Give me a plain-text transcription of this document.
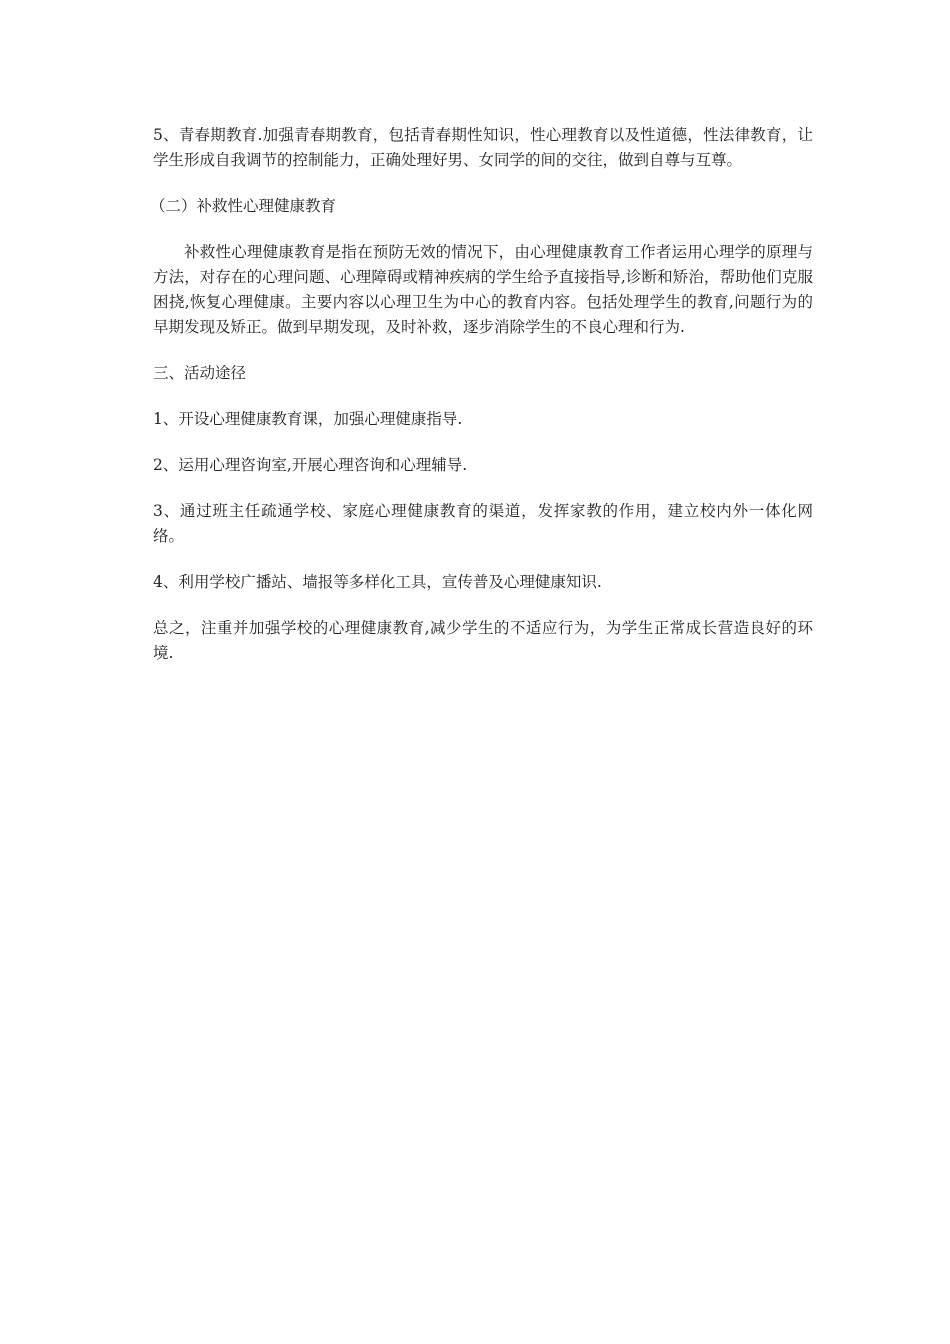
5、青春期教育.加强青春期教育，包括青春期性知识，性心理教育以及性道德，性法律教育，让学生形成自我调节的控制能力，正确处理好男、女同学的间的交往，做到自尊与互尊。

（二）补救性心理健康教育

补救性心理健康教育是指在预防无效的情况下，由心理健康教育工作者运用心理学的原理与方法，对存在的心理问题、心理障碍或精神疾病的学生给予直接指导,诊断和矫治，帮助他们克服困挠,恢复心理健康。主要内容以心理卫生为中心的教育内容。包括处理学生的教育,问题行为的早期发现及矫正。做到早期发现，及时补救，逐步消除学生的不良心理和行为.

三、活动途径

1、开设心理健康教育课，加强心理健康指导.

2、运用心理咨询室,开展心理咨询和心理辅导.

3、通过班主任疏通学校、家庭心理健康教育的渠道，发挥家教的作用，建立校内外一体化网络。

4、利用学校广播站、墙报等多样化工具，宣传普及心理健康知识.

总之，注重并加强学校的心理健康教育,减少学生的不适应行为，为学生正常成长营造良好的环境.
